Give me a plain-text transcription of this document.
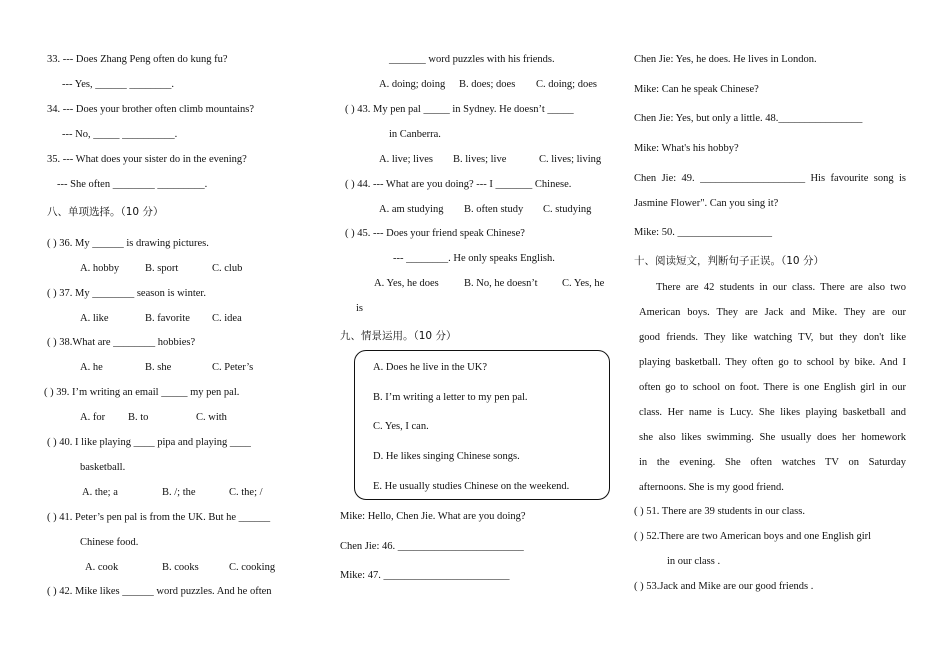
33. --- Does Zhang Peng often do kung fu?
--- Yes, ______ ________.
34. --- Does your brother often climb mountains?
--- No, _____ __________.
35. --- What does your sister do in the evening?
--- She often ________ _________.
八、单项选择。（10 分）
( ) 36. My ______ is drawing pictures.
A. hobby B. sport	C. club
( ) 37. My ________ season is winter.
A. like	B. favorite C. idea
( ) 38.What are ________ hobbies?
A. he	B. she	C. Peter’s
( ) 39. I’m writing an email _____ my pen pal.
A. for B. to	C. with
( ) 40. I like playing ____ pipa and playing ____
basketball.
A. the; a	B. /; the	C. the; /
( ) 41. Peter’s pen pal is from the UK. But he ______
Chinese food.
A. cook	B. cooks	C. cooking
( ) 42. Mike likes ______ word puzzles. And he often
_______ word puzzles with his friends.
A. doing; doing B. does; does C. doing; does
( ) 43. My pen pal _____ in Sydney. He doesn’t _____
in Canberra.
A. live; lives B. lives; live	C. lives; living
( ) 44. --- What are you doing? --- I _______ Chinese.
A. am studying B. often study C. studying
( ) 45. --- Does your friend speak Chinese?
--- ________. He only speaks English.
A. Yes, he does B. No, he doesn’t C. Yes, he
is
九、情景运用。（10 分）
A. Does he live in the UK?
B. I’m writing a letter to my pen pal.
C. Yes, I can.
D. He likes singing Chinese songs.
E. He usually studies Chinese on the weekend.
Mike: Hello, Chen Jie. What are you doing?
Chen Jie: 46. ________________________
Mike: 47. ________________________
Chen Jie: Yes, he does. He lives in London.
Mike: Can he speak Chinese?
Chen Jie: Yes, but only a little. 48.________________
Mike: What's his hobby?
Chen Jie: 49. ____________________ His favourite song is
Jasmine Flower". Can you sing it?
Mike: 50. __________________
十、阅读短文，判断句子正误。（10 分）
There are 42 students in our class. There are also two
American boys. They are Jack and Mike. They are our
good friends. They like watching TV, but they don't like
playing basketball. They often go to school by bike. And I
often go to school on foot. There is one English girl in our
class. Her name is Lucy. She likes playing basketball and
she also likes swimming. She usually does her homework
in the evening. She often watches TV on Saturday
afternoons. She is my good friend.
( ) 51. There are 39 students in our class.
( ) 52.There are two American boys and one English girl
in our class .
( ) 53.Jack and Mike are our good friends .
